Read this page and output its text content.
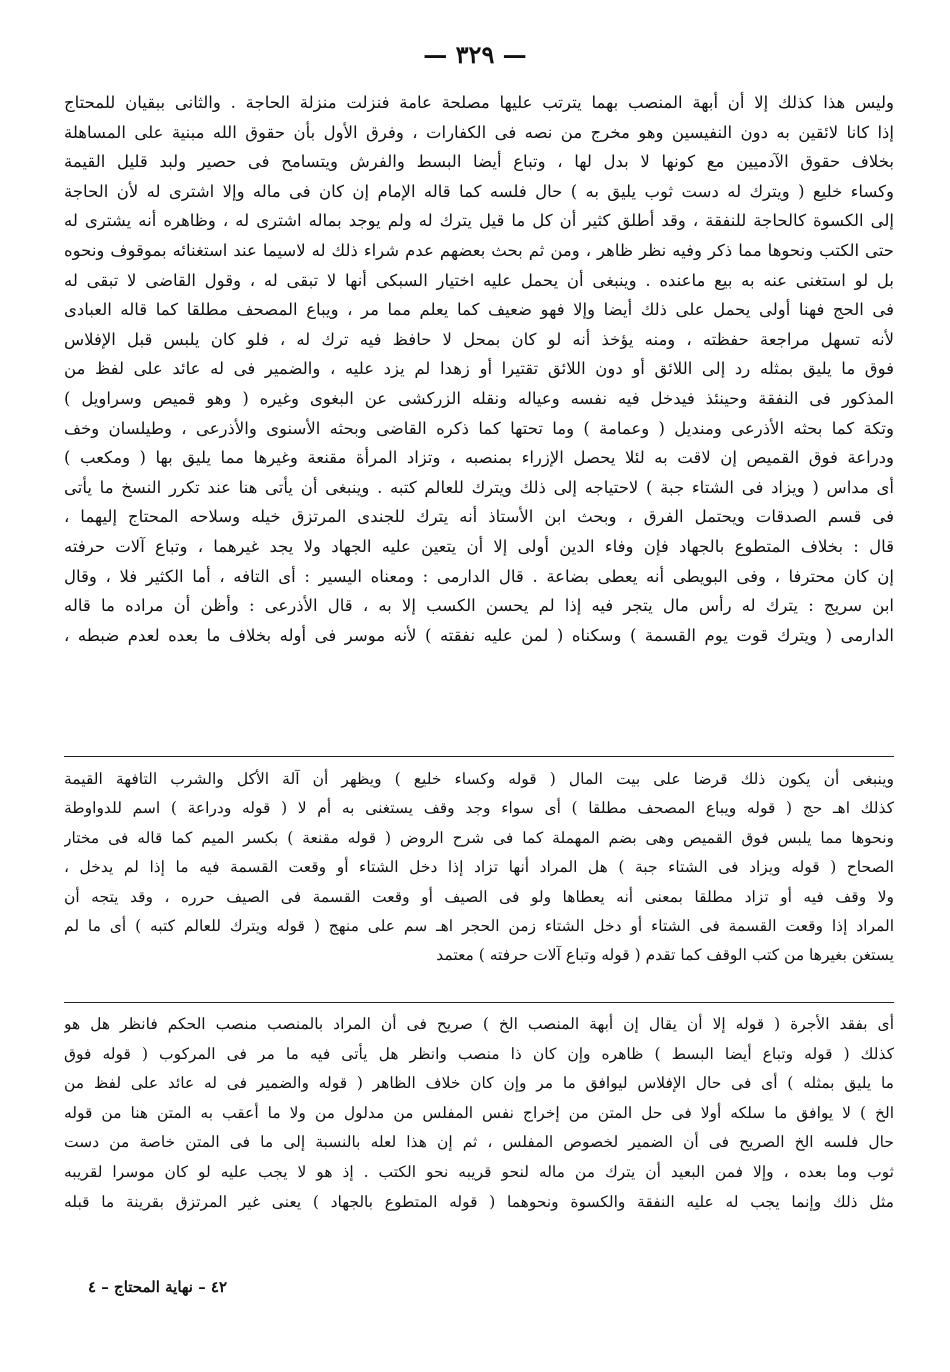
— ٣٢٩ —
وليس هذا كذلك إلا أن أبهة المنصب بهما يترتب عليها مصلحة عامة فنزلت منزلة الحاجة . والثانى ببقيان للمحتاج
إذا كانا لائقين به دون النفيسين وهو مخرج من نصه فى الكفارات ، وفرق الأول بأن حقوق الله مبنية على المساهلة
بخلاف حقوق الآدميين مع كونها لا بدل لها ، وتباع أيضا البسط والفرش ويتسامح فى حصير ولبد قليل القيمة
وكساء خليع ( ويترك له دست ثوب يليق به ) حال فلسه كما قاله الإمام إن كان فى ماله وإلا اشترى له لأن الحاجة
إلى الكسوة كالحاجة للنفقة ، وقد أطلق كثير أن كل ما قيل يترك له ولم يوجد بماله اشترى له ، وظاهره أنه يشترى له
حتى الكتب ونحوها مما ذكر وفيه نظر ظاهر ، ومن ثم بحث بعضهم عدم شراء ذلك له لاسيما عند استغنائه بموقوف ونحوه
بل لو استغنى عنه به بيع ماعنده . وينبغى أن يحمل عليه اختيار السبكى أنها لا تبقى له ، وقول القاضى لا تبقى له
فى الحج فهنا أولى يحمل على ذلك أيضا وإلا فهو ضعيف كما يعلم مما مر ، ويباع المصحف مطلقا كما قاله العبادى
لأنه تسهل مراجعة حفظته ، ومنه يؤخذ أنه لو كان بمحل لا حافظ فيه ترك له ، فلو كان يلبس قبل الإفلاس
فوق ما يليق بمثله رد إلى اللائق أو دون اللائق تقتيرا أو زهدا لم يزد عليه ، والضمير فى له عائد على لفظ من
المذكور فى النفقة وحينئذ فيدخل فيه نفسه وعياله ونقله الزركشى عن البغوى وغيره ( وهو قميص وسراويل )
وتكة كما بحثه الأذرعى ومنديل ( وعمامة ) وما تحتها كما ذكره القاضى وبحثه الأسنوى والأذرعى ، وطيلسان وخف
ودراعة فوق القميص إن لاقت به لئلا يحصل الإزراء بمنصبه ، وتزاد المرأة مقنعة وغيرها مما يليق بها ( ومكعب )
أى مداس ( ويزاد فى الشتاء جبة ) لاحتياجه إلى ذلك ويترك للعالم كتبه . وينبغى أن يأتى هنا عند تكرر النسخ ما يأتى
فى قسم الصدقات ويحتمل الفرق ، وبحث ابن الأستاذ أنه يترك للجندى المرتزق خيله وسلاحه المحتاج إليهما ،
قال : بخلاف المتطوع بالجهاد فإن وفاء الدين أولى إلا أن يتعين عليه الجهاد ولا يجد غيرهما ، وتباع آلات حرفته
إن كان محترفا ، وفى البويطى أنه يعطى بضاعة . قال الدارمى : ومعناه اليسير : أى التافه ، أما الكثير فلا ، وقال
ابن سريج : يترك له رأس مال يتجر فيه إذا لم يحسن الكسب إلا به ، قال الأذرعى : وأظن أن مراده ما قاله
الدارمى ( ويترك قوت يوم القسمة ) وسكناه ( لمن عليه نفقته ) لأنه موسر فى أوله بخلاف ما بعده لعدم ضبطه ،
وينبغى أن يكون ذلك قرضا على بيت المال ( قوله وكساء خليع ) ويظهر أن آلة الأكل والشرب التافهة القيمة
كذلك اهـ حج ( قوله ويباع المصحف مطلقا ) أى سواء وجد وقف يستغنى به أم لا ( قوله ودراعة ) اسم للدواوطة
ونحوها مما يلبس فوق القميص وهى بضم المهملة كما فى شرح الروض ( قوله مقنعة ) بكسر الميم كما قاله فى مختار
الصحاح ( قوله ويزاد فى الشتاء جبة ) هل المراد أنها تزاد إذا دخل الشتاء أو وقعت القسمة فيه ما إذا لم يدخل ،
ولا وقف فيه أو تزاد مطلقا بمعنى أنه يعطاها ولو فى الصيف أو وقعت القسمة فى الصيف حرره ، وقد يتجه أن
المراد إذا وقعت القسمة فى الشتاء أو دخل الشتاء زمن الحجر اهـ سم على منهج ( قوله ويترك للعالم كتبه ) أى ما لم
يستغن بغيرها من كتب الوقف كما تقدم ( قوله وتباع آلات حرفته ) معتمد
أى بفقد الأجرة ( قوله إلا أن يقال إن أبهة المنصب الخ ) صريح فى أن المراد بالمنصب منصب الحكم فانظر هل هو
كذلك ( قوله وتباع أيضا البسط ) ظاهره وإن كان ذا منصب وانظر هل يأتى فيه ما مر فى المركوب ( قوله فوق
ما يليق بمثله ) أى فى حال الإفلاس ليوافق ما مر وإن كان خلاف الظاهر ( قوله والضمير فى له عائد على لفظ من
الخ ) لا يوافق ما سلكه أولا فى حل المتن من إخراج نفس المفلس من مدلول من ولا ما أعقب به المتن هنا من قوله
حال فلسه الخ الصريح فى أن الضمير لخصوص المفلس ، ثم إن هذا لعله بالنسبة إلى ما فى المتن خاصة من دست
ثوب وما بعده ، وإلا فمن البعيد أن يترك من ماله لنحو قريبه نحو الكتب . إذ هو لا يجب عليه لو كان موسرا لقريبه
مثل ذلك وإنما يجب له عليه النفقة والكسوة ونحوهما ( قوله المتطوع بالجهاد ) يعنى غير المرتزق بقرينة ما قبله
٤٢ – نهاية المحتاج – ٤
